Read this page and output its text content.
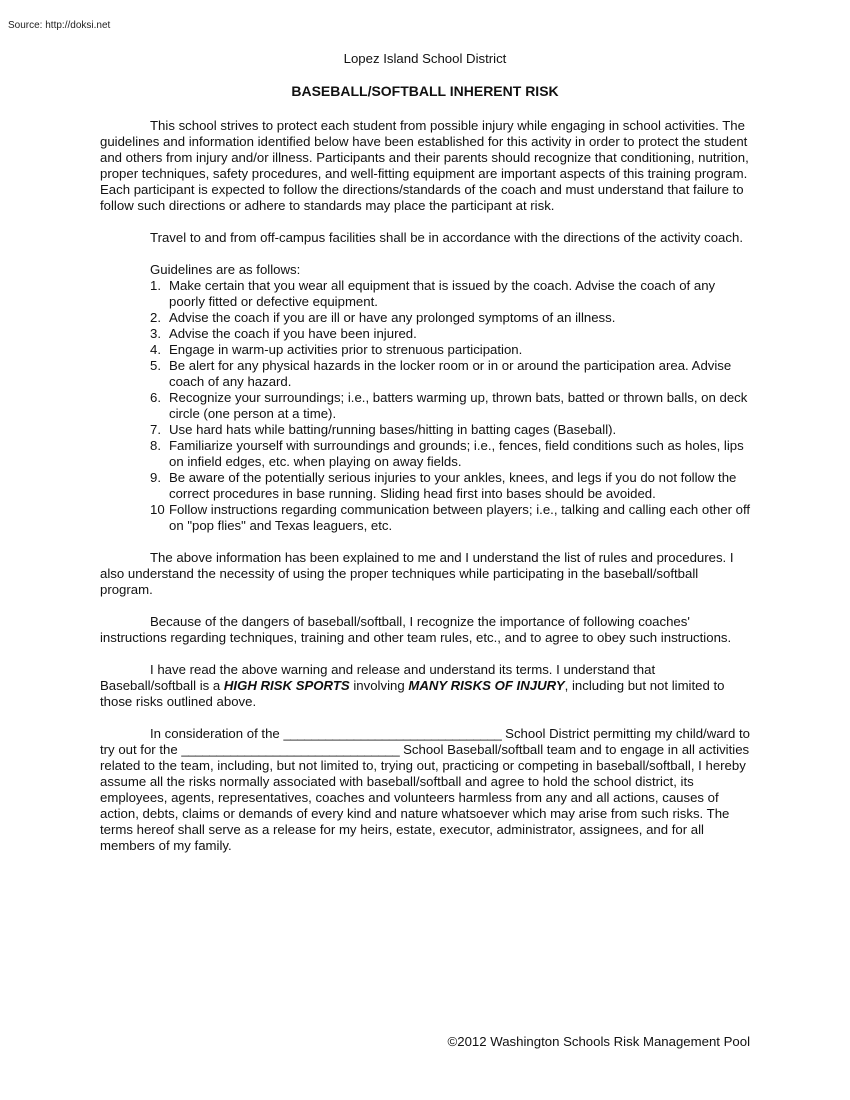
Source: http://doksi.net
Lopez Island School District
BASEBALL/SOFTBALL INHERENT RISK

This school strives to protect each student from possible injury while engaging in school activities. The guidelines and information identified below have been established for this activity in order to protect the student and others from injury and/or illness. Participants and their parents should recognize that conditioning, nutrition, proper techniques, safety procedures, and well-fitting equipment are important aspects of this training program. Each participant is expected to follow the directions/standards of the coach and must understand that failure to follow such directions or adhere to standards may place the participant at risk.

Travel to and from off-campus facilities shall be in accordance with the directions of the activity coach.

Guidelines are as follows:
1. Make certain that you wear all equipment that is issued by the coach. Advise the coach of any poorly fitted or defective equipment.
2. Advise the coach if you are ill or have any prolonged symptoms of an illness.
3. Advise the coach if you have been injured.
4. Engage in warm-up activities prior to strenuous participation.
5. Be alert for any physical hazards in the locker room or in or around the participation area. Advise coach of any hazard.
6. Recognize your surroundings; i.e., batters warming up, thrown bats, batted or thrown balls, on deck circle (one person at a time).
7. Use hard hats while batting/running bases/hitting in batting cages (Baseball).
8. Familiarize yourself with surroundings and grounds; i.e., fences, field conditions such as holes, lips on infield edges, etc. when playing on away fields.
9. Be aware of the potentially serious injuries to your ankles, knees, and legs if you do not follow the correct procedures in base running. Sliding head first into bases should be avoided.
10 Follow instructions regarding communication between players; i.e., talking and calling each other off on "pop flies" and Texas leaguers, etc.

The above information has been explained to me and I understand the list of rules and procedures. I also understand the necessity of using the proper techniques while participating in the baseball/softball program.

Because of the dangers of baseball/softball, I recognize the importance of following coaches' instructions regarding techniques, training and other team rules, etc., and to agree to obey such instructions.

I have read the above warning and release and understand its terms. I understand that Baseball/softball is a HIGH RISK SPORTS involving MANY RISKS OF INJURY, including but not limited to those risks outlined above.

In consideration of the _______________________________ School District permitting my child/ward to try out for the _______________________________ School Baseball/softball team and to engage in all activities related to the team, including, but not limited to, trying out, practicing or competing in baseball/softball, I hereby assume all the risks normally associated with baseball/softball and agree to hold the school district, its employees, agents, representatives, coaches and volunteers harmless from any and all actions, causes of action, debts, claims or demands of every kind and nature whatsoever which may arise from such risks. The terms hereof shall serve as a release for my heirs, estate, executor, administrator, assignees, and for all members of my family.

©2012 Washington Schools Risk Management Pool
